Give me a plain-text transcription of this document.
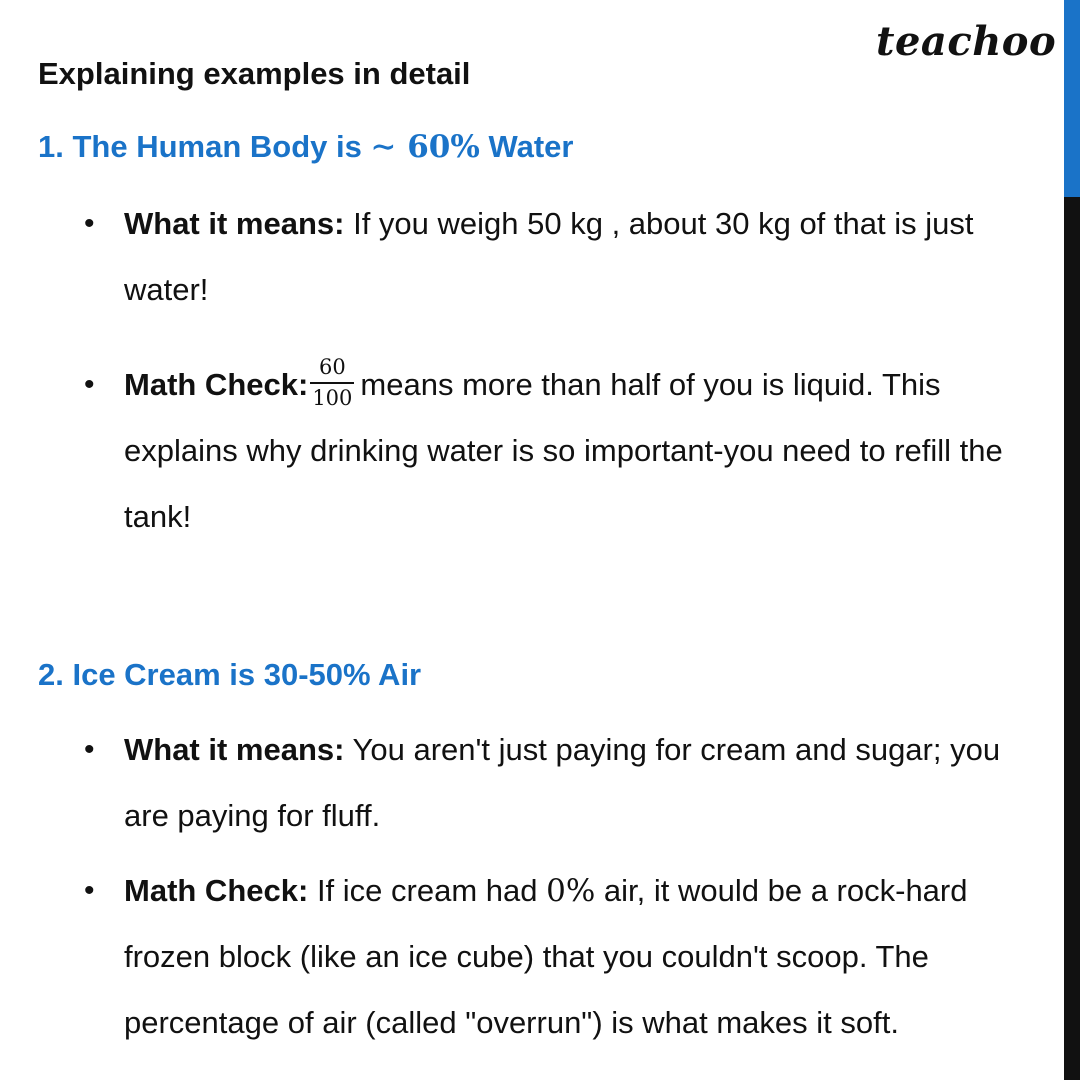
teachoo
Explaining examples in detail
1. The Human Body is ∼ 60% Water
• What it means: If you weigh 50 kg , about 30 kg of that is just water!
• Math Check: $\frac{60}{100}$ means more than half of you is liquid. This explains why drinking water is so important-you need to refill the tank!
2. Ice Cream is 30-50% Air
• What it means: You aren't just paying for cream and sugar; you are paying for fluff.
• Math Check: If ice cream had 0% air, it would be a rock-hard frozen block (like an ice cube) that you couldn't scoop. The percentage of air (called "overrun") is what makes it soft.
